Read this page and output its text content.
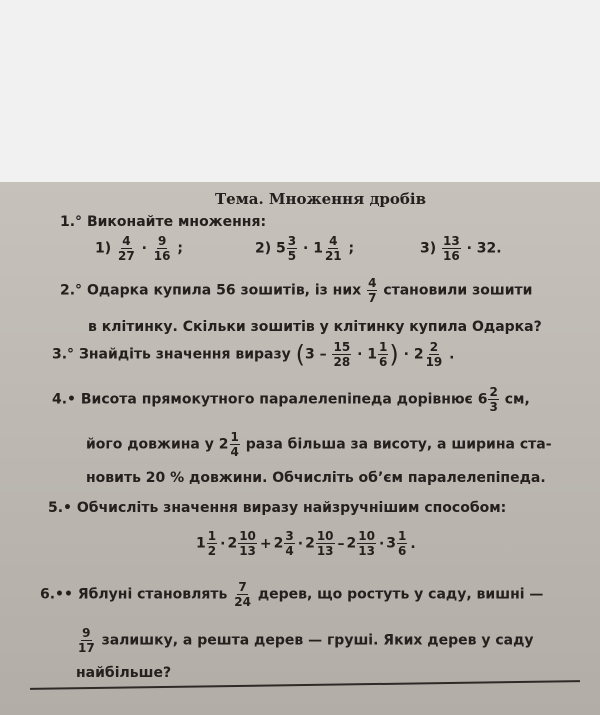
Тема. Множення дробів
1.° Виконайте множення:
$1) \frac{4}{27} \cdot \frac{9}{16}$ ;	2) $5 \frac{3}{5} \cdot 1 \frac{4}{21}$ ;	$3) \frac{13}{16} \cdot 32$.
2.° Одарка купила 56 зошитів, із них $\frac{4}{7}$ становили зошити
в клітинку. Скільки зошитів у клітинку купила Одарка?
3.° Знайдіть значення виразу ($3 - \frac{15}{28} \cdot 1 \frac{1}{6}$ ) · $2 \frac{2}{19}$ .
4.• Висота прямокутного паралелепіпеда дорівнює $6 \frac{2}{3}$ см,
його довжина у $2 \frac{1}{4}$ раза більша за висоту, а ширина ста-
новить 20 % довжини. Обчисліть об’єм паралелепіпеда.
5.• Обчисліть значення виразу найзручнішим способом:
$1 \frac{1}{2} \cdot 2 \frac{10}{13} + 2 \frac{3}{4} \cdot 2 \frac{10}{13} - 2 \frac{10}{13} \cdot 3 \frac{1}{6}$ .
6.•• Яблуні становлять $\frac{7}{24}$ дерев, що ростуть у саду, вишні —
$\frac{9}{17}$ залишку, а решта дерев — груші. Яких дерев у саду
найбільше?
